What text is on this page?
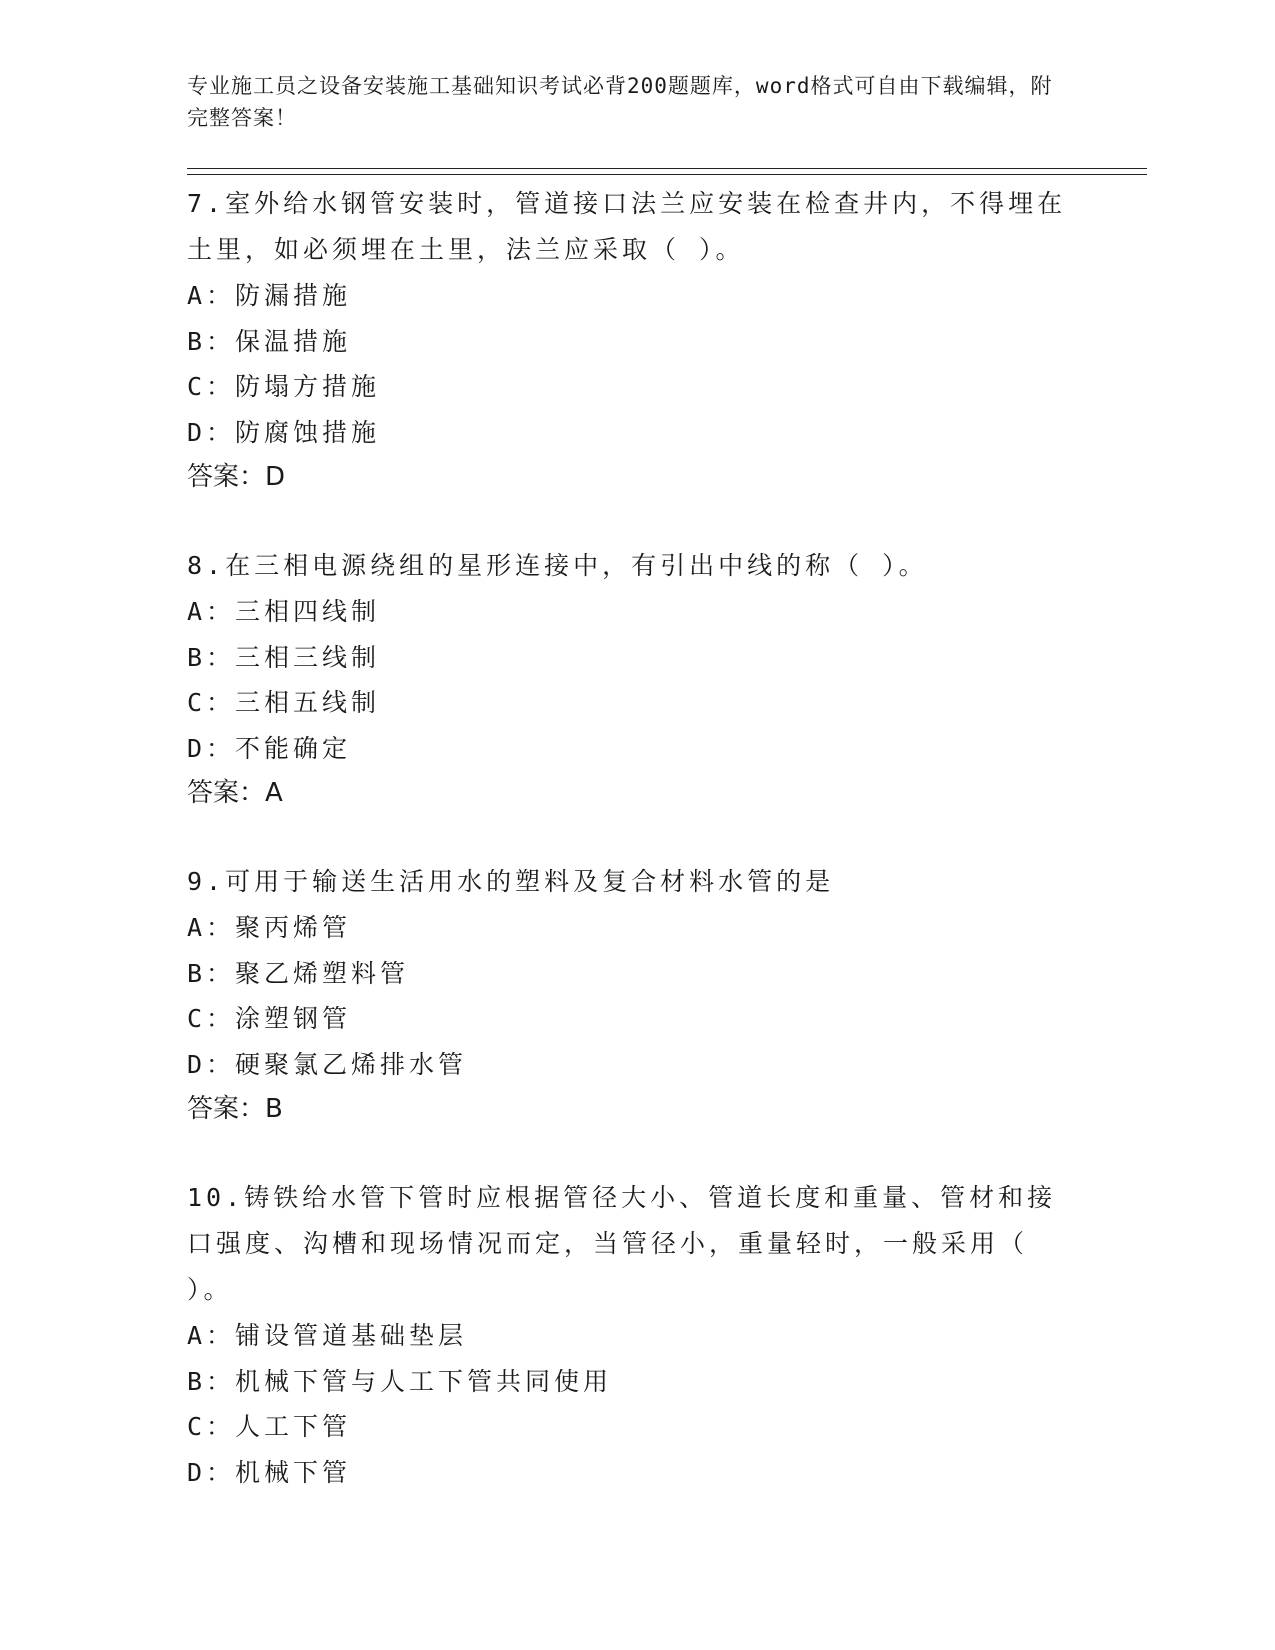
专业施工员之设备安装施工基础知识考试必背200题题库，word格式可自由下载编辑，附完整答案！

7.室外给水钢管安装时，管道接口法兰应安装在检查井内，不得埋在土里，如必须埋在土里，法兰应采取（ ）。

A：防漏措施

B：保温措施

C：防塌方措施

D：防腐蚀措施

答案：D

8.在三相电源绕组的星形连接中，有引出中线的称（ ）。

A：三相四线制

B：三相三线制

C：三相五线制

D：不能确定

答案：A

9.可用于输送生活用水的塑料及复合材料水管的是

A：聚丙烯管

B：聚乙烯塑料管

C：涂塑钢管

D：硬聚氯乙烯排水管

答案：B

10.铸铁给水管下管时应根据管径大小、管道长度和重量、管材和接口强度、沟槽和现场情况而定，当管径小，重量轻时，一般采用（ ）。

A：铺设管道基础垫层

B：机械下管与人工下管共同使用

C：人工下管

D：机械下管
